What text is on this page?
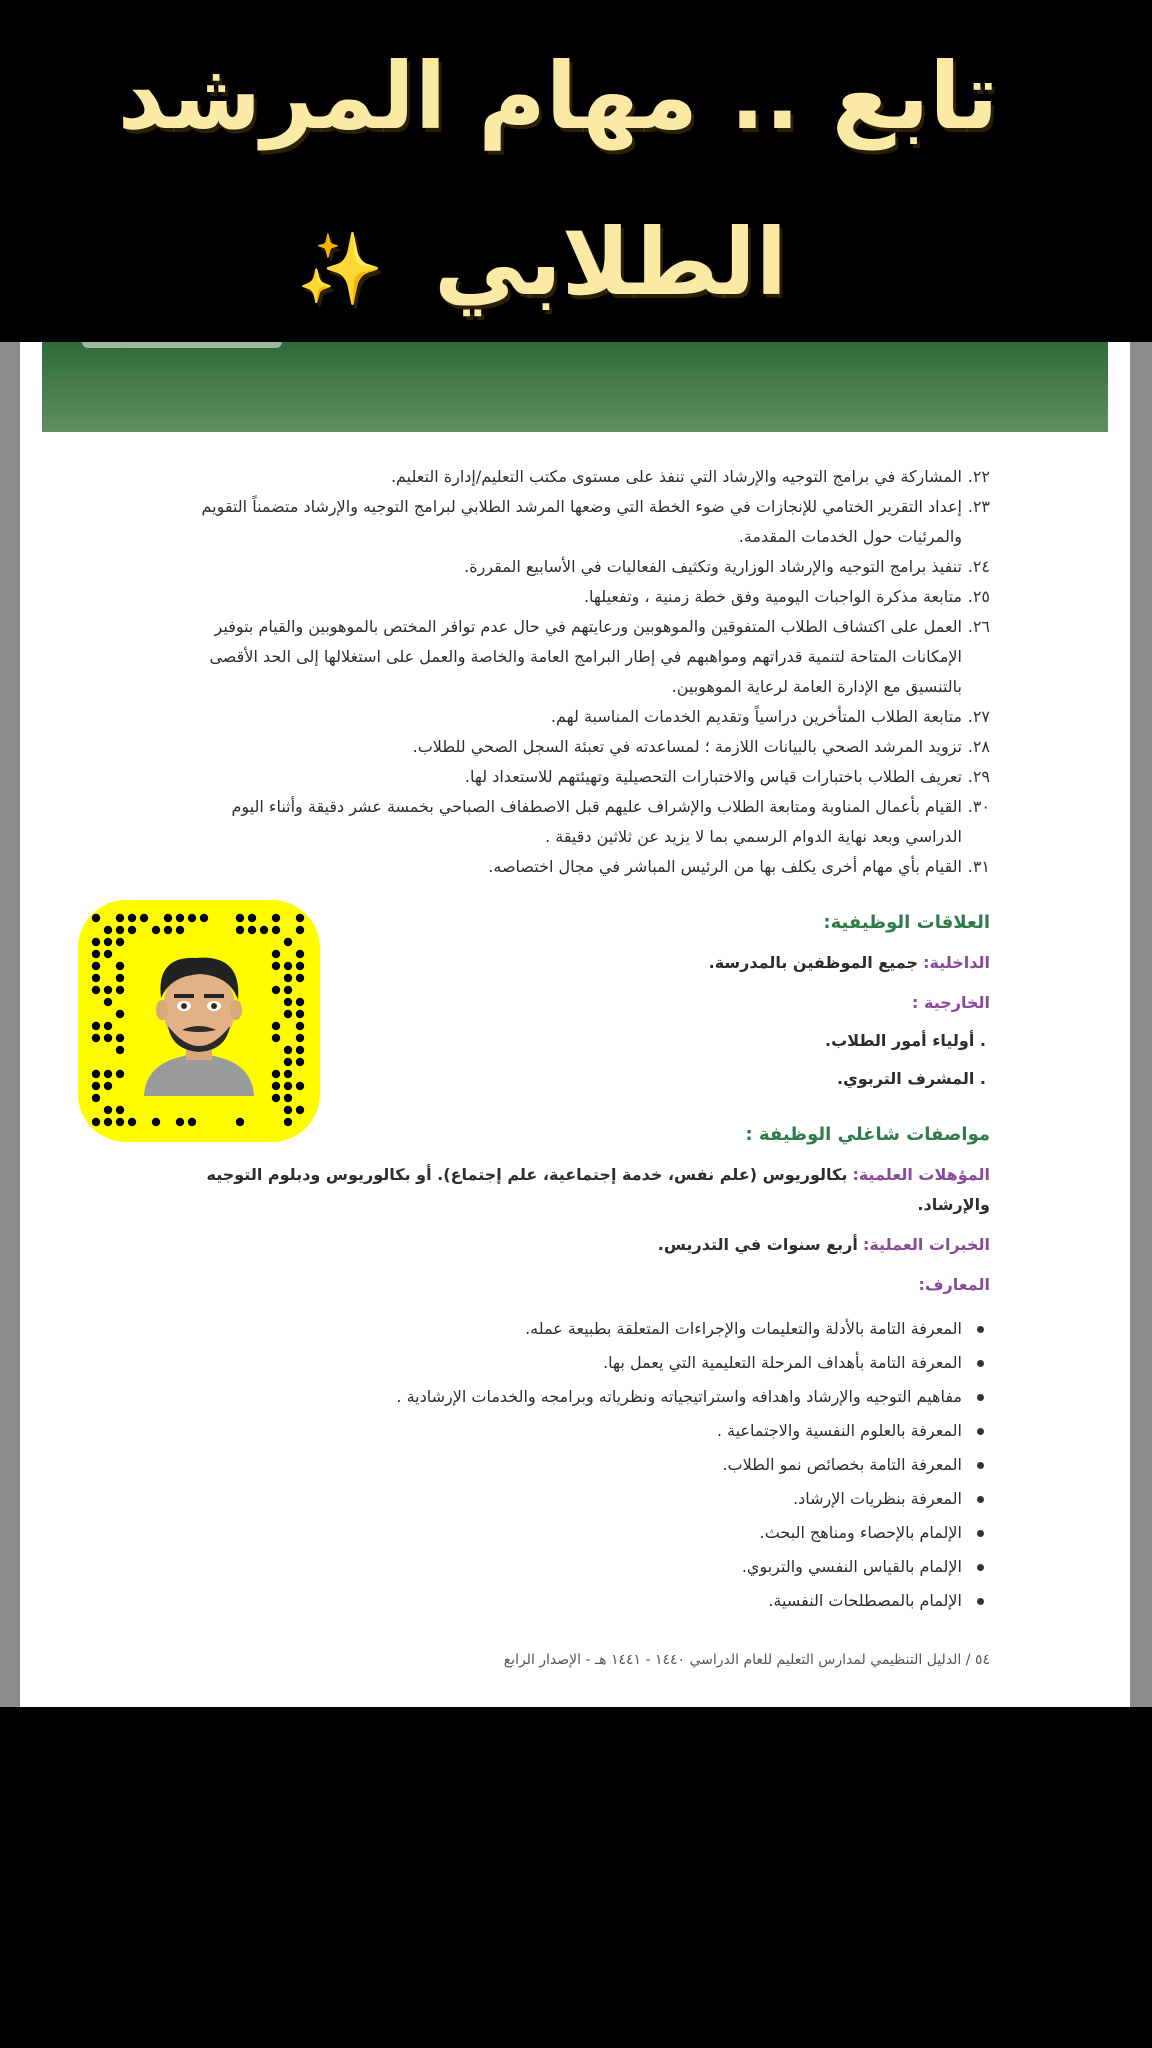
تابع .. مهام المرشد
الطلابي ✨
٢٢.
المشاركة في برامج التوجيه والإرشاد التي تنفذ على مستوى مكتب التعليم/إدارة التعليم.
٢٣.
إعداد التقرير الختامي للإنجازات في ضوء الخطة التي وضعها المرشد الطلابي لبرامج التوجيه والإرشاد متضمناً التقويم والمرئيات حول الخدمات المقدمة.
٢٤.
تنفيذ برامج التوجيه والإرشاد الوزارية وتكثيف الفعاليات في الأسابيع المقررة.
٢٥.
متابعة مذكرة الواجبات اليومية وفق خطة زمنية ، وتفعيلها.
٢٦.
العمل على اكتشاف الطلاب المتفوقين والموهوبين ورعايتهم في حال عدم توافر المختص بالموهوبين والقيام بتوفير الإمكانات المتاحة لتنمية قدراتهم ومواهبهم في إطار البرامج العامة والخاصة والعمل على استغلالها إلى الحد الأقصى بالتنسيق مع الإدارة العامة لرعاية الموهوبين.
٢٧.
متابعة الطلاب المتأخرين دراسياً وتقديم الخدمات المناسبة لهم.
٢٨.
تزويد المرشد الصحي بالبيانات اللازمة ؛ لمساعدته في تعبئة السجل الصحي للطلاب.
٢٩.
تعريف الطلاب باختبارات قياس والاختبارات التحصيلية وتهيئتهم للاستعداد لها.
٣٠.
القيام بأعمال المناوبة ومتابعة الطلاب والإشراف عليهم قبل الاصطفاف الصباحي بخمسة عشر دقيقة وأثناء اليوم الدراسي وبعد نهاية الدوام الرسمي بما لا يزيد عن ثلاثين دقيقة .
٣١.
القيام بأي مهام أخرى يكلف بها من الرئيس المباشر في مجال اختصاصه.
العلاقات الوظيفية:
الداخلية: جميع الموظفين بالمدرسة.
الخارجية :
. أولياء أمور الطلاب.
. المشرف التربوي.
مواصفات شاغلي الوظيفة :
المؤهلات العلمية: بكالوريوس (علم نفس، خدمة إجتماعية، علم إجتماع). أو بكالوريوس ودبلوم التوجيه والإرشاد.
الخبرات العملية: أربع سنوات في التدريس.
المعارف:
المعرفة التامة بالأدلة والتعليمات والإجراءات المتعلقة بطبيعة عمله.
المعرفة التامة بأهداف المرحلة التعليمية التي يعمل بها.
مفاهيم التوجيه والإرشاد واهدافه واستراتيجياته ونظرياته وبرامجه والخدمات الإرشادية .
المعرفة بالعلوم النفسية والاجتماعية .
المعرفة التامة بخصائص نمو الطلاب.
المعرفة بنظريات الإرشاد.
الإلمام بالإحصاء ومناهج البحث.
الإلمام بالقياس النفسي والتربوي.
الإلمام بالمصطلحات النفسية.
٥٤ / الدليل التنظيمي لمدارس التعليم للعام الدراسي ١٤٤٠ - ١٤٤١ هـ - الإصدار الرابع
